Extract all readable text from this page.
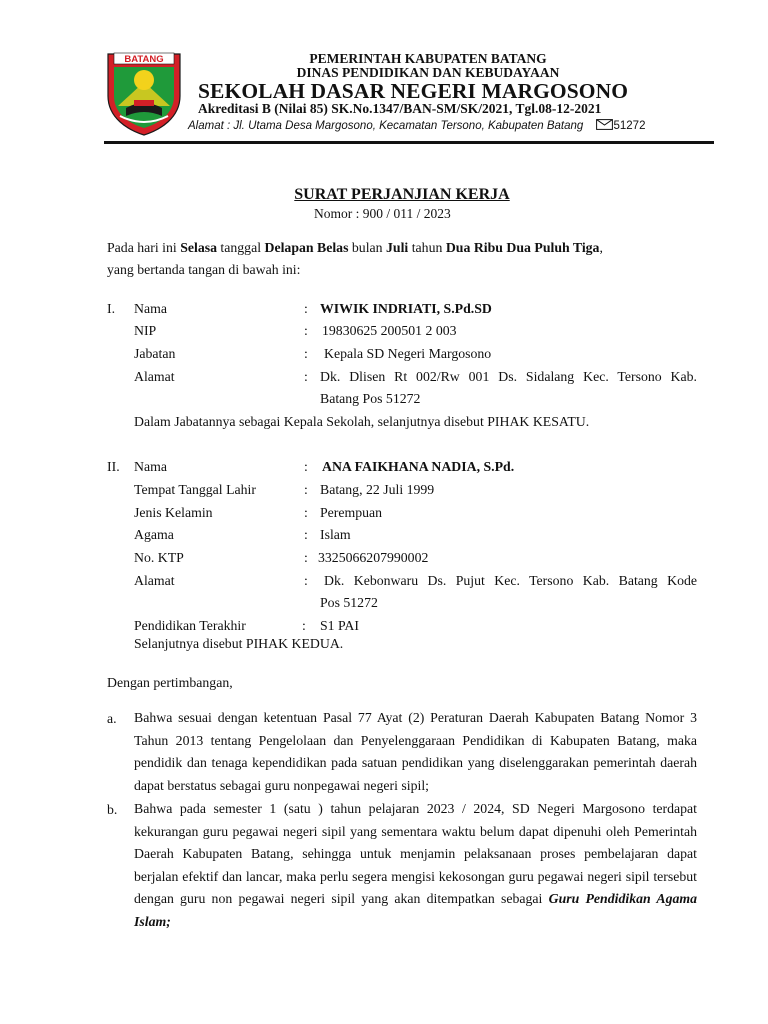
BATANG	PEMERINTAH KABUPATEN BATANG
DINAS PENDIDIKAN DAN KEBUDAYAAN
SEKOLAH DASAR NEGERI MARGOSONO
Akreditasi B (Nilai 85) SK.No.1347/BAN-SM/SK/2021, Tgl.08-12-2021
Alamat : Jl. Utama Desa Margosono, Kecamatan Tersono, Kabupaten Batang	51272
SURAT PERJANJIAN KERJA
Nomor : 900 / 011 / 2023
Pada hari ini Selasa tanggal Delapan Belas bulan Juli tahun Dua Ribu Dua Puluh Tiga,
yang bertanda tangan di bawah ini:
I. Nama	: WIWIK INDRIATI, S.Pd.SD
NIP	: 19830625 200501 2 003
Jabatan	: Kepala SD Negeri Margosono
Alamat	: Dk. Dlisen Rt 002/Rw 001 Ds. Sidalang Kec. Tersono Kab.
Batang Pos 51272
Dalam Jabatannya sebagai Kepala Sekolah, selanjutnya disebut PIHAK KESATU.
II. Nama	: ANA FAIKHANA NADIA, S.Pd.
Tempat Tanggal Lahir	: Batang, 22 Juli 1999
Jenis Kelamin	: Perempuan
Agama	: Islam
No. KTP	: 3325066207990002
Alamat	: Dk. Kebonwaru Ds. Pujut Kec. Tersono Kab. Batang Kode
Pos 51272
Pendidikan Terakhir	: S1 PAI
Selanjutnya disebut PIHAK KEDUA.
Dengan pertimbangan,
a. Bahwa sesuai dengan ketentuan Pasal 77 Ayat (2) Peraturan Daerah Kabupaten Batang Nomor 3 Tahun 2013 tentang Pengelolaan dan Penyelenggaraan Pendidikan di Kabupaten Batang, maka pendidik dan tenaga kependidikan pada satuan pendidikan yang diselenggarakan pemerintah daerah dapat berstatus sebagai guru nonpegawai negeri sipil;
b. Bahwa pada semester 1 (satu ) tahun pelajaran 2023 / 2024, SD Negeri Margosono terdapat kekurangan guru pegawai negeri sipil yang sementara waktu belum dapat dipenuhi oleh Pemerintah Daerah Kabupaten Batang, sehingga untuk menjamin pelaksanaan proses pembelajaran dapat berjalan efektif dan lancar, maka perlu segera mengisi kekosongan guru pegawai negeri sipil tersebut dengan guru non pegawai negeri sipil yang akan ditempatkan sebagai Guru Pendidikan Agama Islam;
